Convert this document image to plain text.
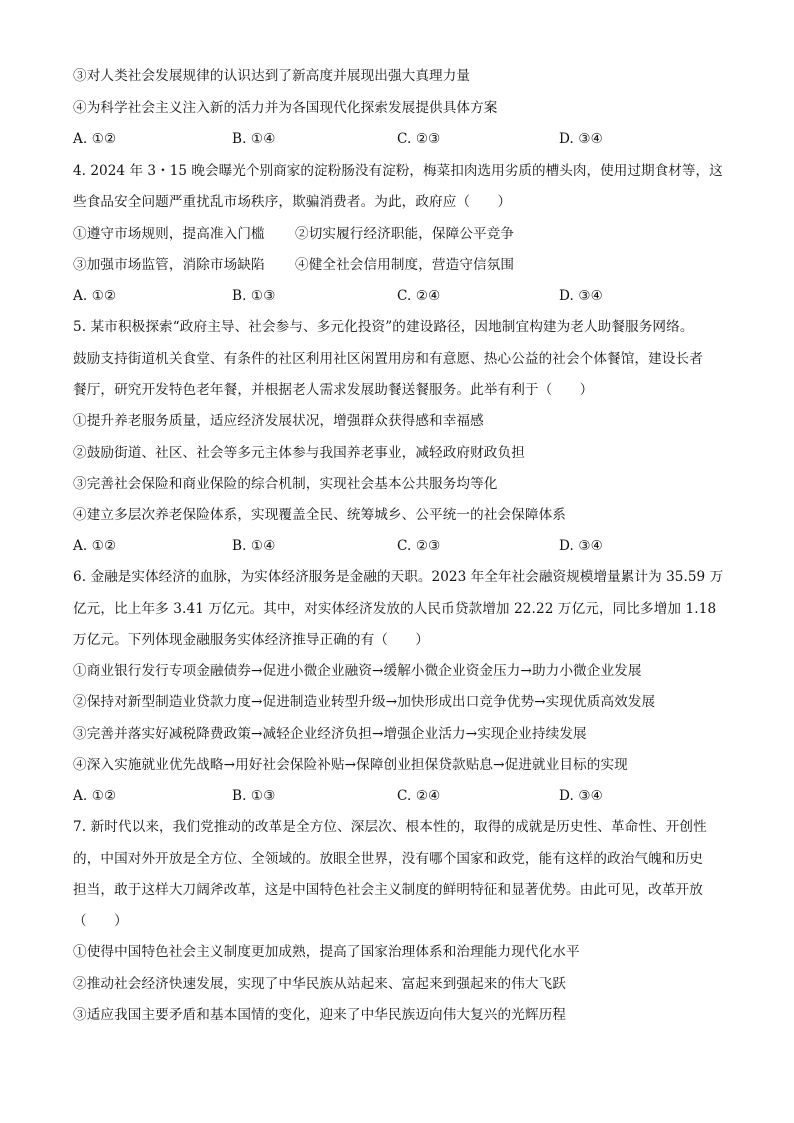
③对人类社会发展规律的认识达到了新高度并展现出强大真理力量
④为科学社会主义注入新的活力并为各国现代化探索发展提供具体方案
A. ①②	B. ①④	C. ②③	D. ③④
4. 2024 年 3・15 晚会曝光个别商家的淀粉肠没有淀粉，梅菜扣肉选用劣质的槽头肉，使用过期食材等，这
些食品安全问题严重扰乱市场秩序，欺骗消费者。为此，政府应（　　）
①遵守市场规则，提高准入门槛 ②切实履行经济职能，保障公平竞争
③加强市场监管，消除市场缺陷 ④健全社会信用制度，营造守信氛围
A. ①②	B. ①③	C. ②④	D. ③④
5. 某市积极探索“政府主导、社会参与、多元化投资”的建设路径，因地制宜构建为老人助餐服务网络。
鼓励支持街道机关食堂、有条件的社区利用社区闲置用房和有意愿、热心公益的社会个体餐馆，建设长者
餐厅，研究开发特色老年餐，并根据老人需求发展助餐送餐服务。此举有利于（　　）
①提升养老服务质量，适应经济发展状况，增强群众获得感和幸福感
②鼓励街道、社区、社会等多元主体参与我国养老事业，减轻政府财政负担
③完善社会保险和商业保险的综合机制，实现社会基本公共服务均等化
④建立多层次养老保险体系，实现覆盖全民、统筹城乡、公平统一的社会保障体系
A. ①②	B. ①④	C. ②③	D. ③④
6. 金融是实体经济的血脉，为实体经济服务是金融的天职。2023 年全年社会融资规模增量累计为 35.59 万
亿元，比上年多 3.41 万亿元。其中，对实体经济发放的人民币贷款增加 22.22 万亿元，同比多增加 1.18
万亿元。下列体现金融服务实体经济推导正确的有（　　）
①商业银行发行专项金融债券→促进小微企业融资→缓解小微企业资金压力→助力小微企业发展
②保持对新型制造业贷款力度→促进制造业转型升级→加快形成出口竞争优势→实现优质高效发展
③完善并落实好减税降费政策→减轻企业经济负担→增强企业活力→实现企业持续发展
④深入实施就业优先战略→用好社会保险补贴→保障创业担保贷款贴息→促进就业目标的实现
A. ①②	B. ①③	C. ②④	D. ③④
7. 新时代以来，我们党推动的改革是全方位、深层次、根本性的，取得的成就是历史性、革命性、开创性
的，中国对外开放是全方位、全领域的。放眼全世界，没有哪个国家和政党，能有这样的政治气魄和历史
担当，敢于这样大刀阔斧改革，这是中国特色社会主义制度的鲜明特征和显著优势。由此可见，改革开放
（　　）
①使得中国特色社会主义制度更加成熟，提高了国家治理体系和治理能力现代化水平
②推动社会经济快速发展，实现了中华民族从站起来、富起来到强起来的伟大飞跃
③适应我国主要矛盾和基本国情的变化，迎来了中华民族迈向伟大复兴的光辉历程
